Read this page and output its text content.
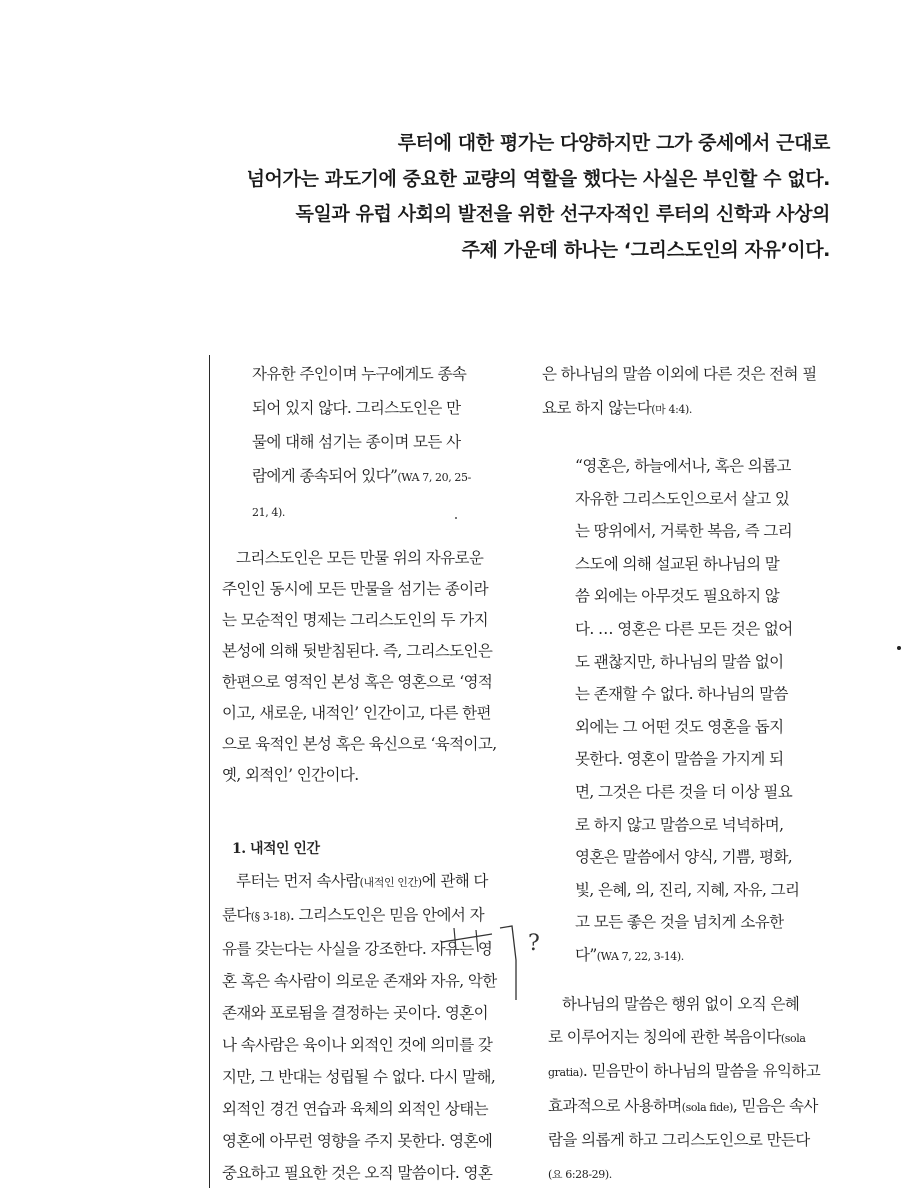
루터에 대한 평가는 다양하지만 그가 중세에서 근대로
넘어가는 과도기에 중요한 교량의 역할을 했다는 사실은 부인할 수 없다.
독일과 유럽 사회의 발전을 위한 선구자적인 루터의 신학과 사상의
주제 가운데 하나는 ‘그리스도인의 자유’이다.
자유한 주인이며 누구에게도 종속
되어 있지 않다. 그리스도인은 만
물에 대해 섬기는 종이며 모든 사
람에게 종속되어 있다”(WA 7, 20, 25-
21, 4).
그리스도인은 모든 만물 위의 자유로운
주인인 동시에 모든 만물을 섬기는 종이라
는 모순적인 명제는 그리스도인의 두 가지
본성에 의해 뒷받침된다. 즉, 그리스도인은
한편으로 영적인 본성 혹은 영혼으로 ‘영적
이고, 새로운, 내적인’ 인간이고, 다른 한편
으로 육적인 본성 혹은 육신으로 ‘육적이고,
옛, 외적인’ 인간이다.
1. 내적인 인간
루터는 먼저 속사람(내적인 인간)에 관해 다
룬다(§ 3-18). 그리스도인은 믿음 안에서 자
유를 갖는다는 사실을 강조한다. 자유는 영
혼 혹은 속사람이 의로운 존재와 자유, 악한
존재와 포로됨을 결정하는 곳이다. 영혼이
나 속사람은 육이나 외적인 것에 의미를 갖
지만, 그 반대는 성립될 수 없다. 다시 말해,
외적인 경건 연습과 육체의 외적인 상태는
영혼에 아무런 영향을 주지 못한다. 영혼에
중요하고 필요한 것은 오직 말씀이다. 영혼
은 하나님의 말씀 이외에 다른 것은 전혀 필
요로 하지 않는다(마 4:4).
“영혼은, 하늘에서나, 혹은 의롭고
자유한 그리스도인으로서 살고 있
는 땅위에서, 거룩한 복음, 즉 그리
스도에 의해 설교된 하나님의 말
씀 외에는 아무것도 필요하지 않
다. … 영혼은 다른 모든 것은 없어
도 괜찮지만, 하나님의 말씀 없이
는 존재할 수 없다. 하나님의 말씀
외에는 그 어떤 것도 영혼을 돕지
못한다. 영혼이 말씀을 가지게 되
면, 그것은 다른 것을 더 이상 필요
로 하지 않고 말씀으로 넉넉하며,
영혼은 말씀에서 양식, 기쁨, 평화,
빛, 은혜, 의, 진리, 지혜, 자유, 그리
고 모든 좋은 것을 넘치게 소유한
다”(WA 7, 22, 3-14).
하나님의 말씀은 행위 없이 오직 은혜
로 이루어지는 칭의에 관한 복음이다(sola
gratia). 믿음만이 하나님의 말씀을 유익하고
효과적으로 사용하며(sola fide), 믿음은 속사
람을 의롭게 하고 그리스도인으로 만든다
(요 6:28-29).
?
